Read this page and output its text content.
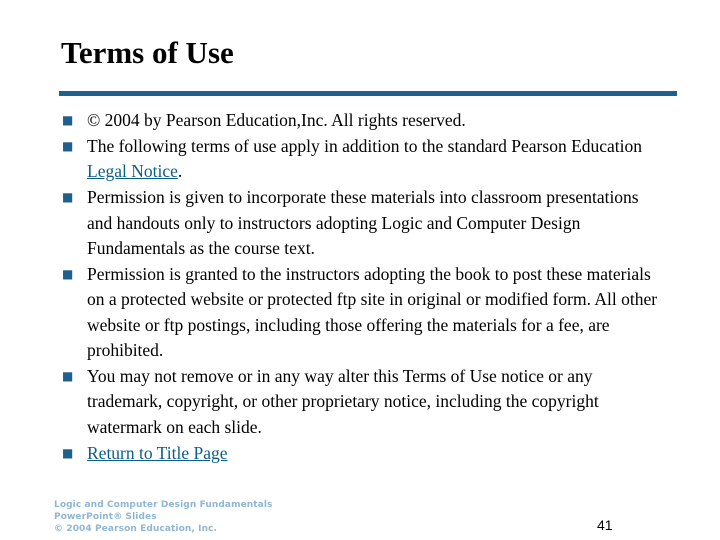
Terms of Use
■ © 2004 by Pearson Education,Inc. All rights reserved.
■ The following terms of use apply in addition to the standard Pearson Education Legal Notice.
■ Permission is given to incorporate these materials into classroom presentations and handouts only to instructors adopting Logic and Computer Design Fundamentals as the course text.
■ Permission is granted to the instructors adopting the book to post these materials on a protected website or protected ftp site in original or modified form. All other website or ftp postings, including those offering the materials for a fee, are prohibited.
■ You may not remove or in any way alter this Terms of Use notice or any trademark, copyright, or other proprietary notice, including the copyright watermark on each slide.
■ Return to Title Page
Logic and Computer Design Fundamentals
PowerPoint® Slides
© 2004 Pearson Education, Inc.	41
